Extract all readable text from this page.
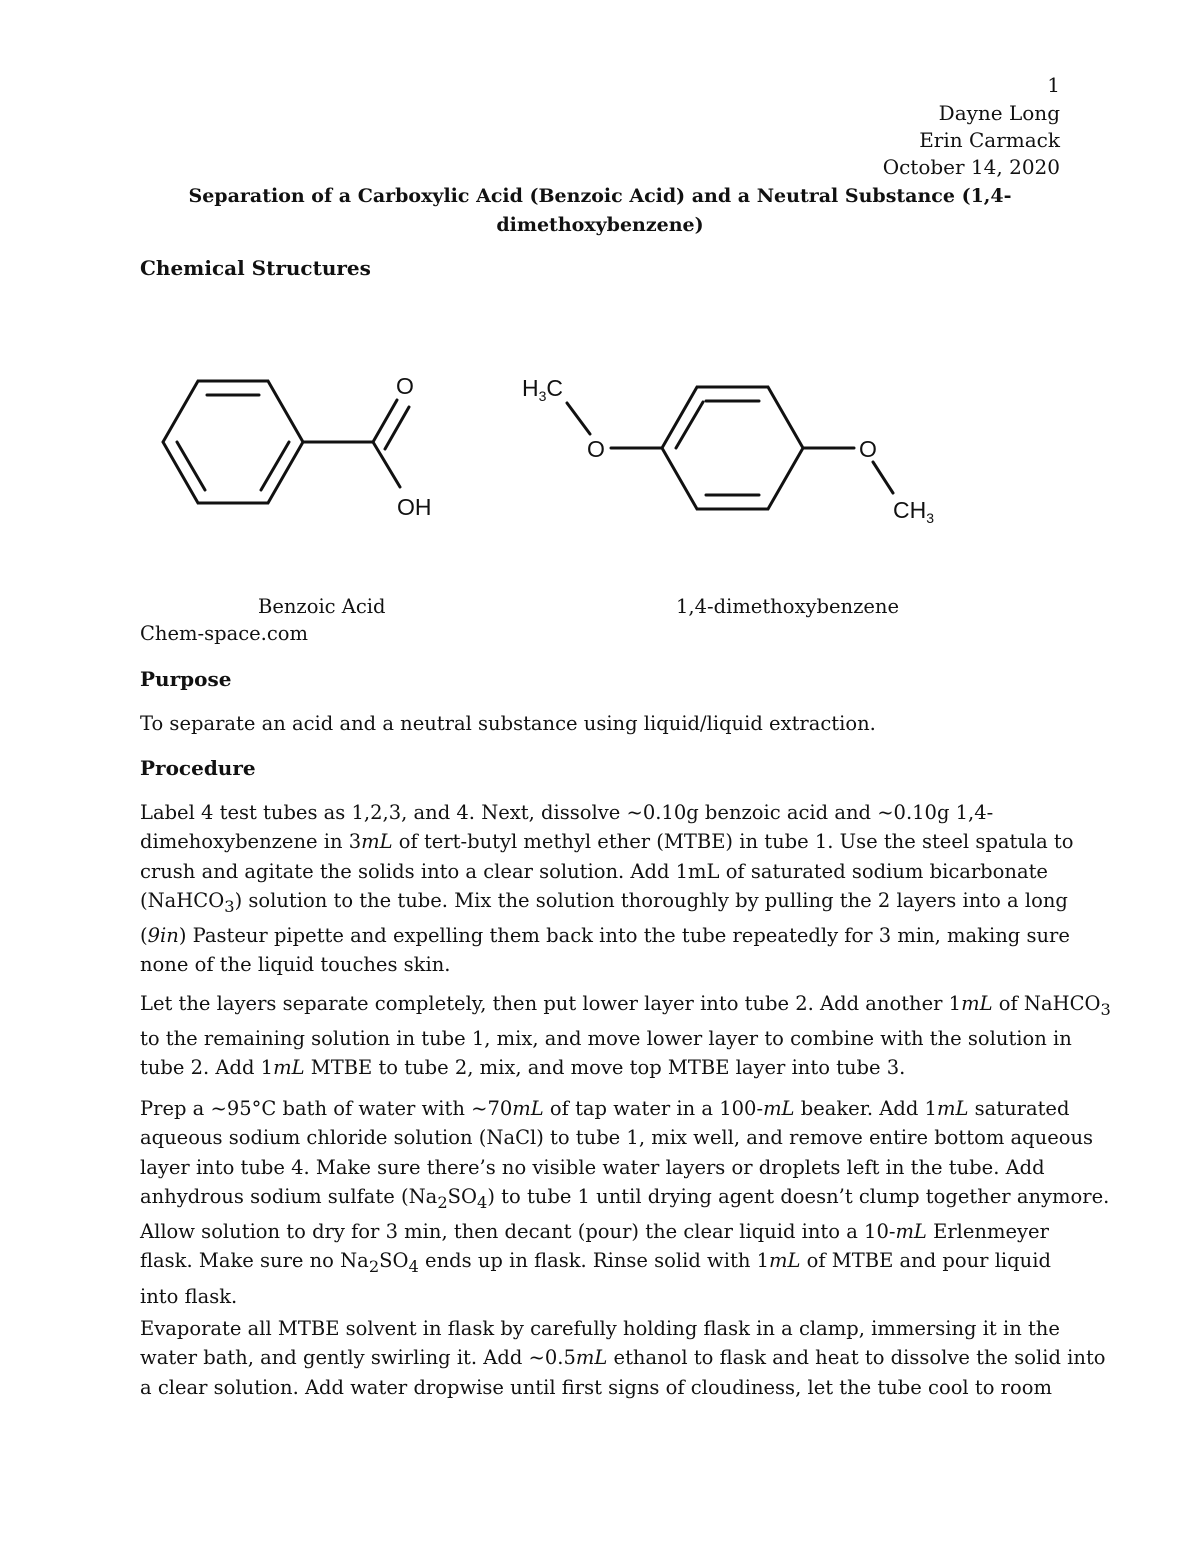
1
Dayne Long
Erin Carmack
October 14, 2020
Separation of a Carboxylic Acid (Benzoic Acid) and a Neutral Substance (1,4-
dimethoxybenzene)
Chemical Structures
O
OH
$H_3C$
O	O
$CH_3$
Benzoic Acid	1,4-dimethoxybenzene
Chem-space.com
Purpose
To separate an acid and a neutral substance using liquid/liquid extraction.
Procedure
Label 4 test tubes as 1,2,3, and 4. Next, dissolve ~0.10g benzoic acid and ~0.10g 1,4-
dimehoxybenzene in 3mL of tert-butyl methyl ether (MTBE) in tube 1. Use the steel spatula to
crush and agitate the solids into a clear solution. Add 1mL of saturated sodium bicarbonate
(NaHCO$_3$) solution to the tube. Mix the solution thoroughly by pulling the 2 layers into a long
(9in) Pasteur pipette and expelling them back into the tube repeatedly for 3 min, making sure
none of the liquid touches skin.
Let the layers separate completely, then put lower layer into tube 2. Add another 1mL of NaHCO$_3$
to the remaining solution in tube 1, mix, and move lower layer to combine with the solution in
tube 2. Add 1mL MTBE to tube 2, mix, and move top MTBE layer into tube 3.
Prep a ~95°C bath of water with ~70mL of tap water in a 100-mL beaker. Add 1mL saturated
aqueous sodium chloride solution (NaCl) to tube 1, mix well, and remove entire bottom aqueous
layer into tube 4. Make sure there’s no visible water layers or droplets left in the tube. Add
anhydrous sodium sulfate $(Na_2SO_4)$ to tube 1 until drying agent doesn’t clump together anymore.
Allow solution to dry for 3 min, then decant (pour) the clear liquid into a 10-mL Erlenmeyer
flask. Make sure no $Na_2SO_4$ ends up in flask. Rinse solid with 1mL of MTBE and pour liquid
into flask.
Evaporate all MTBE solvent in flask by carefully holding flask in a clamp, immersing it in the
water bath, and gently swirling it. Add ~0.5mL ethanol to flask and heat to dissolve the solid into
a clear solution. Add water dropwise until first signs of cloudiness, let the tube cool to room
